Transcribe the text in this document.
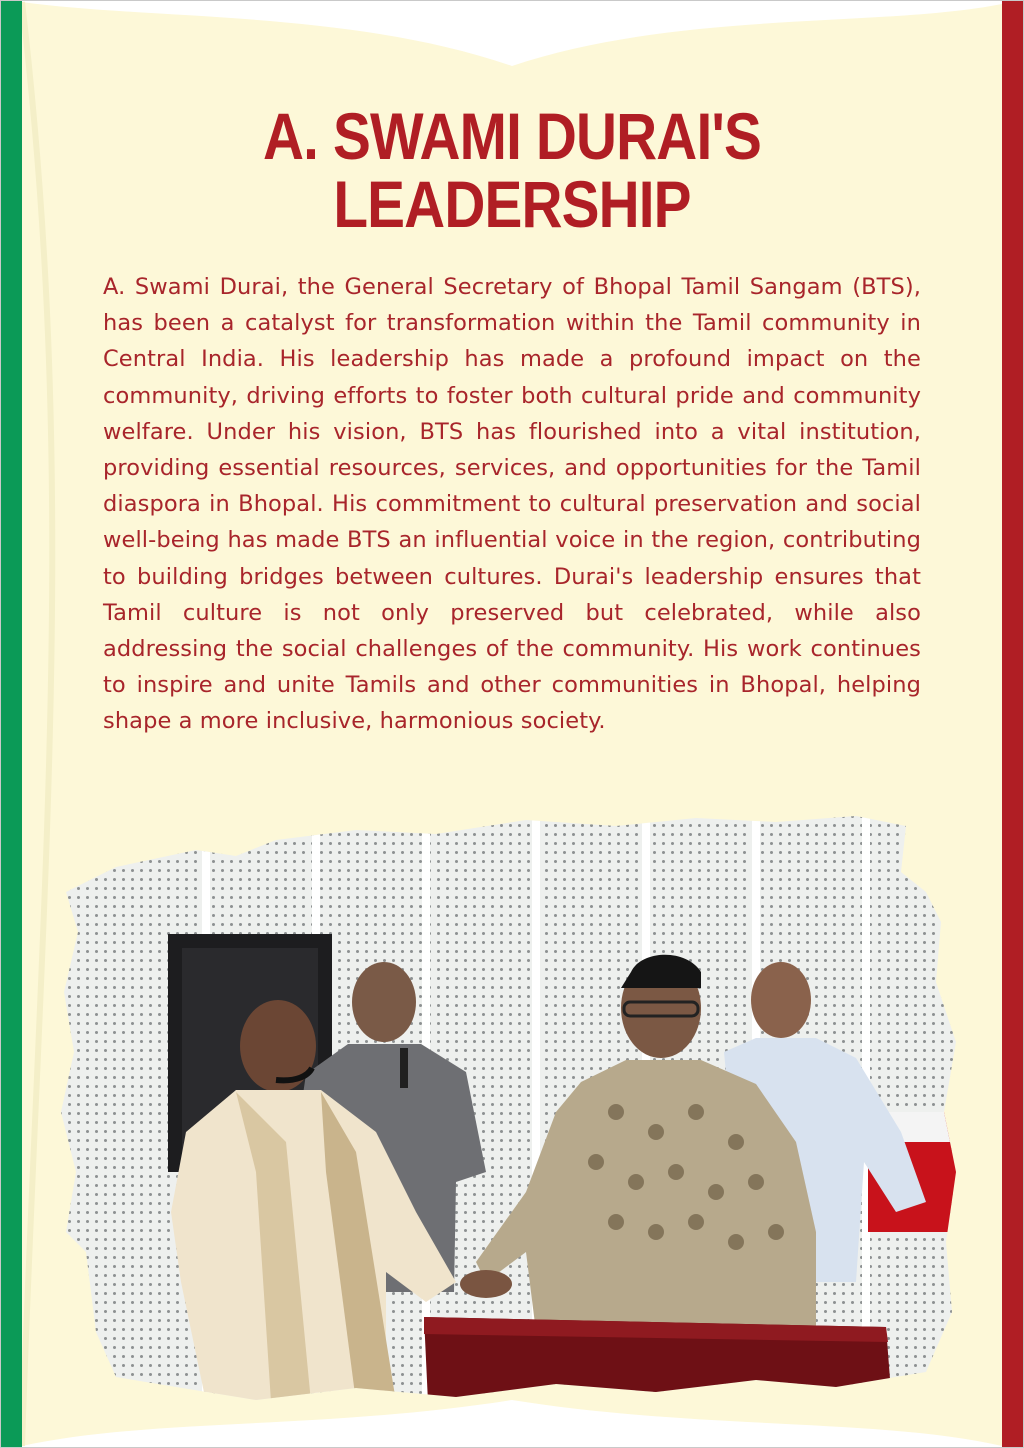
A. SWAMI DURAI'S
LEADERSHIP

A. Swami Durai, the General Secretary of Bhopal Tamil Sangam (BTS), has been a catalyst for transformation within the Tamil community in Central India. His leadership has made a profound impact on the community, driving efforts to foster both cultural pride and community welfare. Under his vision, BTS has flourished into a vital institution, providing essential resources, services, and opportunities for the Tamil diaspora in Bhopal. His commitment to cultural preservation and social well-being has made BTS an influential voice in the region, contributing to building bridges between cultures. Durai's leadership ensures that Tamil culture is not only preserved but celebrated, while also addressing the social challenges of the community. His work continues to inspire and unite Tamils and other communities in Bhopal, helping shape a more inclusive, harmonious society.
